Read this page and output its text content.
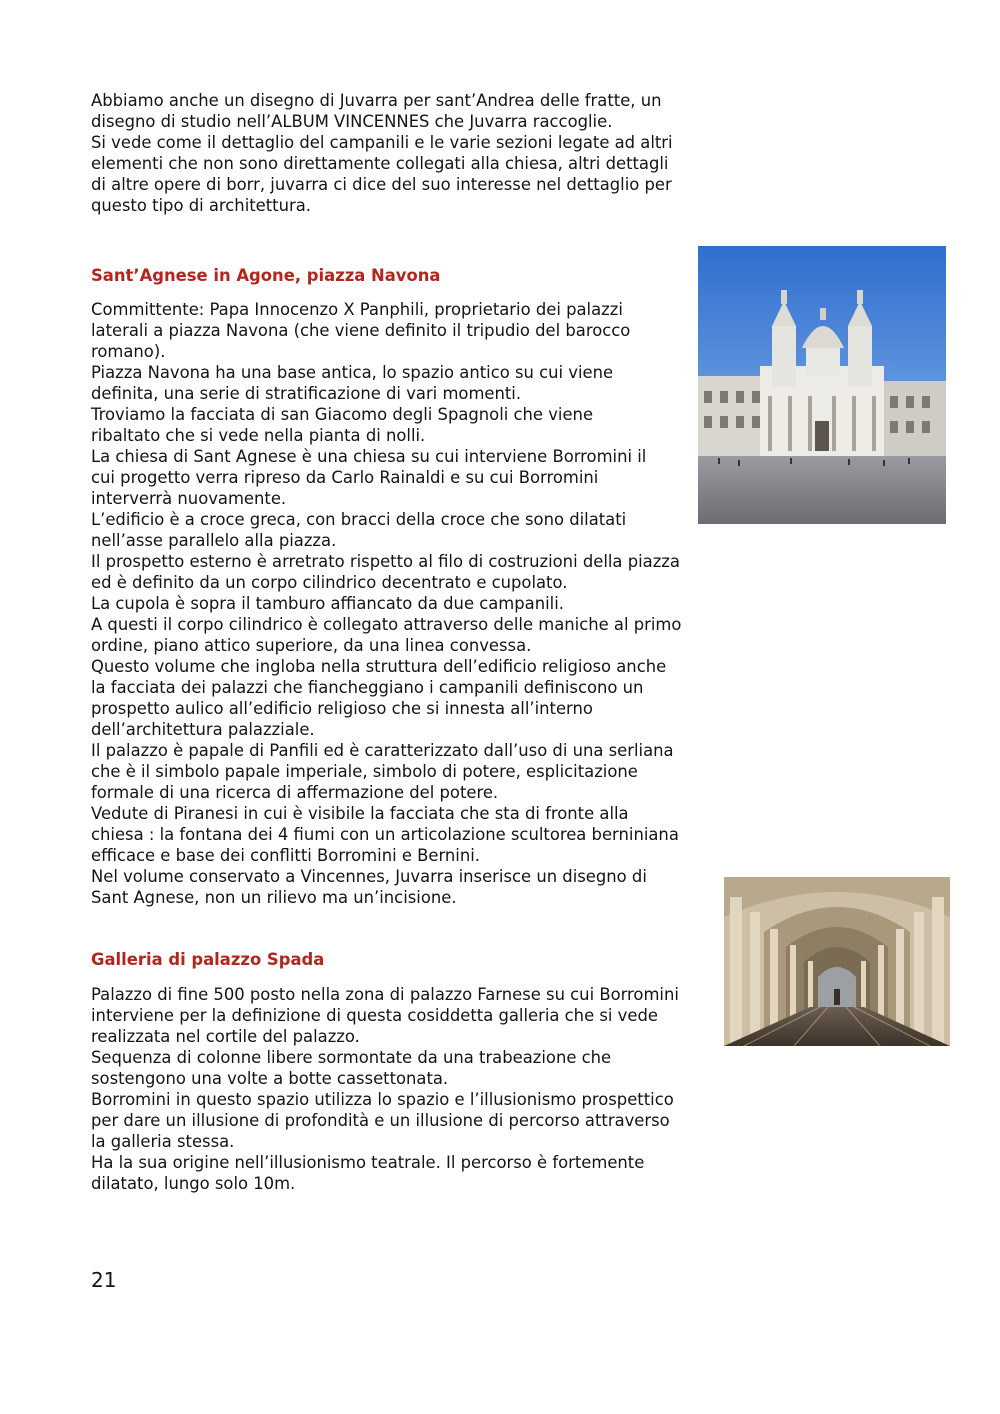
Abbiamo anche un disegno di Juvarra per sant’Andrea delle fratte, un
disegno di studio nell’ALBUM VINCENNES che Juvarra raccoglie.
Si vede come il dettaglio del campanili e le varie sezioni legate ad altri
elementi che non sono direttamente collegati alla chiesa, altri dettagli
di altre opere di borr, juvarra ci dice del suo interesse nel dettaglio per
questo tipo di architettura.
Sant’Agnese in Agone, piazza Navona
Committente: Papa Innocenzo X Panphili, proprietario dei palazzi
laterali a piazza Navona (che viene definito il tripudio del barocco
romano).
Piazza Navona ha una base antica, lo spazio antico su cui viene
definita, una serie di stratificazione di vari momenti.
Troviamo la facciata di san Giacomo degli Spagnoli che viene
ribaltato che si vede nella pianta di nolli.
La chiesa di Sant Agnese è una chiesa su cui interviene Borromini il
cui progetto verra ripreso da Carlo Rainaldi e su cui Borromini
interverrà nuovamente.
L’edificio è a croce greca, con bracci della croce che sono dilatati
nell’asse parallelo alla piazza.
Il prospetto esterno è arretrato rispetto al filo di costruzioni della piazza
ed è definito da un corpo cilindrico decentrato e cupolato.
La cupola è sopra il tamburo affiancato da due campanili.
A questi il corpo cilindrico è collegato attraverso delle maniche al primo
ordine, piano attico superiore, da una linea convessa.
Questo volume che ingloba nella struttura dell’edificio religioso anche
la facciata dei palazzi che fiancheggiano i campanili definiscono un
prospetto aulico all’edificio religioso che si innesta all’interno
dell’architettura palazziale.
Il palazzo è papale di Panfili ed è caratterizzato dall’uso di una serliana
che è il simbolo papale imperiale, simbolo di potere, esplicitazione
formale di una ricerca di affermazione del potere.
Vedute di Piranesi in cui è visibile la facciata che sta di fronte alla
chiesa : la fontana dei 4 fiumi con un articolazione scultorea berniniana
efficace e base dei conflitti Borromini e Bernini.
Nel volume conservato a Vincennes, Juvarra inserisce un disegno di
Sant Agnese, non un rilievo ma un’incisione.
Galleria di palazzo Spada
Palazzo di fine 500 posto nella zona di palazzo Farnese su cui Borromini
interviene per la definizione di questa cosiddetta galleria che si vede
realizzata nel cortile del palazzo.
Sequenza di colonne libere sormontate da una trabeazione che
sostengono una volte a botte cassettonata.
Borromini in questo spazio utilizza lo spazio e l’illusionismo prospettico
per dare un illusione di profondità e un illusione di percorso attraverso
la galleria stessa.
Ha la sua origine nell’illusionismo teatrale. Il percorso è fortemente
dilatato, lungo solo 10m.
21
